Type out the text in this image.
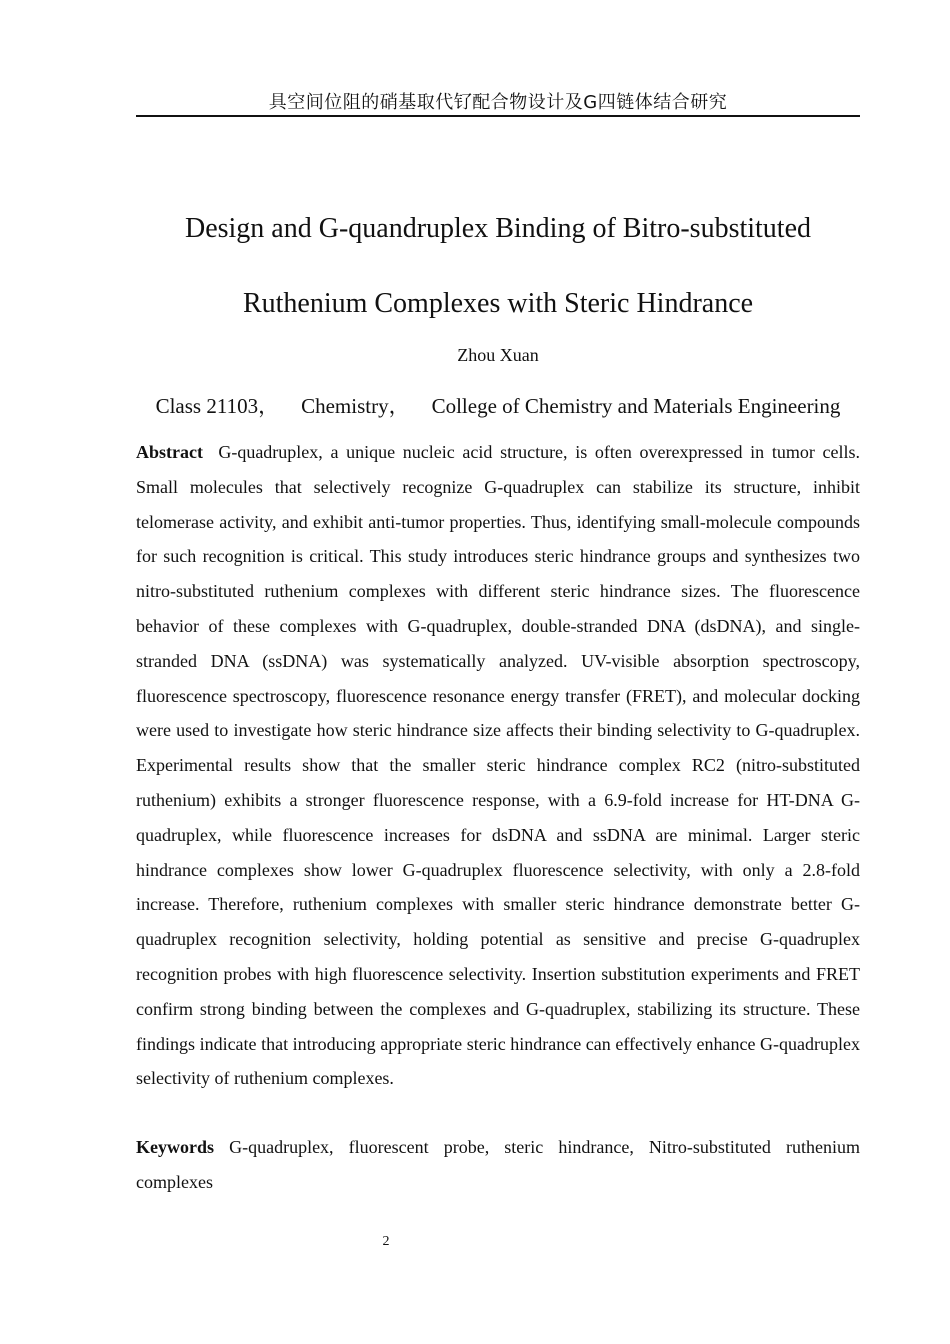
具空间位阻的硝基取代钌配合物设计及G四链体结合研究
Design and G-quandruplex Binding of Bitro-substituted
Ruthenium Complexes with Steric Hindrance
Zhou Xuan
Class 21103， Chemistry， College of Chemistry and Materials Engineering
Abstract G-quadruplex, a unique nucleic acid structure, is often overexpressed in tumor cells. Small molecules that selectively recognize G-quadruplex can stabilize its structure, inhibit telomerase activity, and exhibit anti-tumor properties. Thus, identifying small-molecule compounds for such recognition is critical. This study introduces steric hindrance groups and synthesizes two nitro-substituted ruthenium complexes with different steric hindrance sizes. The fluorescence behavior of these complexes with G-quadruplex, double-stranded DNA (dsDNA), and single-stranded DNA (ssDNA) was systematically analyzed. UV-visible absorption spectroscopy, fluorescence spectroscopy, fluorescence resonance energy transfer (FRET), and molecular docking were used to investigate how steric hindrance size affects their binding selectivity to G-quadruplex. Experimental results show that the smaller steric hindrance complex RC2 (nitro-substituted ruthenium) exhibits a stronger fluorescence response, with a 6.9-fold increase for HT-DNA G-quadruplex, while fluorescence increases for dsDNA and ssDNA are minimal. Larger steric hindrance complexes show lower G-quadruplex fluorescence selectivity, with only a 2.8-fold increase. Therefore, ruthenium complexes with smaller steric hindrance demonstrate better G-quadruplex recognition selectivity, holding potential as sensitive and precise G-quadruplex recognition probes with high fluorescence selectivity. Insertion substitution experiments and FRET confirm strong binding between the complexes and G-quadruplex, stabilizing its structure. These findings indicate that introducing appropriate steric hindrance can effectively enhance G-quadruplex selectivity of ruthenium complexes.
Keywords G-quadruplex, fluorescent probe, steric hindrance, Nitro-substituted ruthenium complexes
2
